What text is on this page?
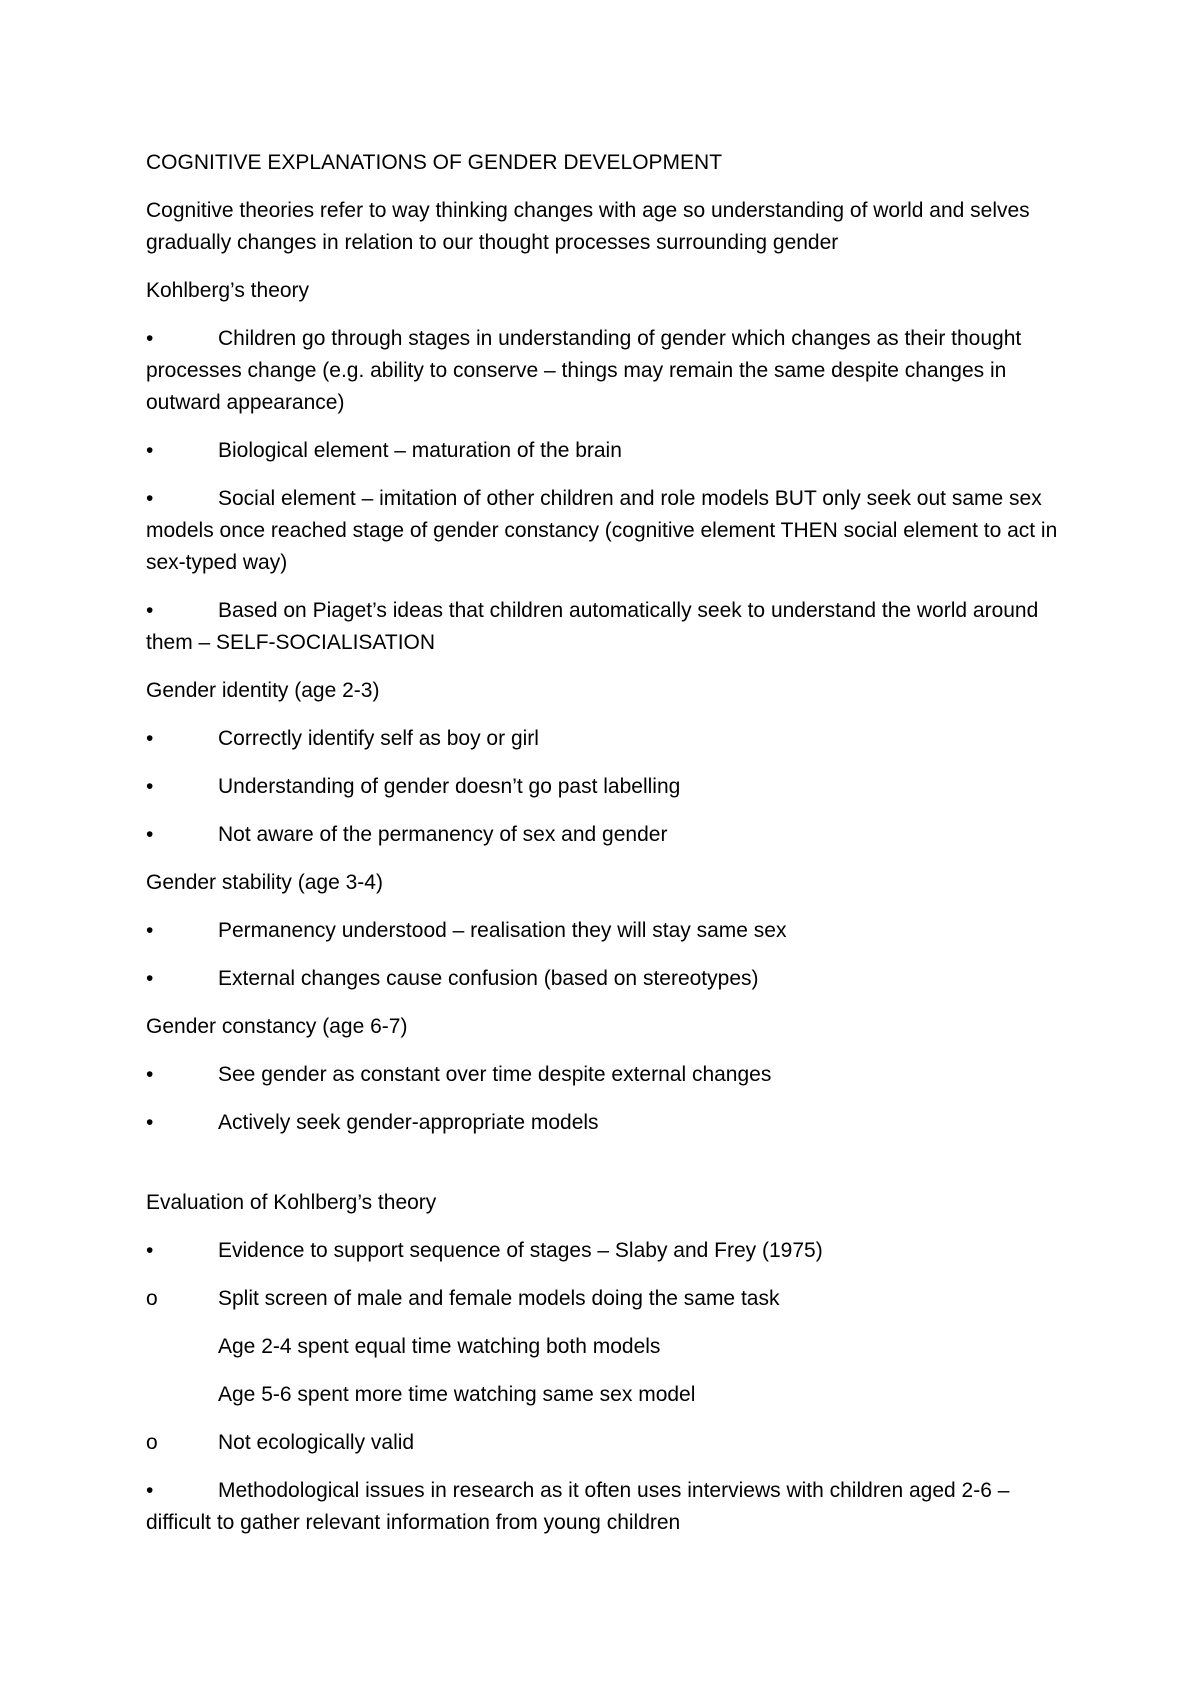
COGNITIVE EXPLANATIONS OF GENDER DEVELOPMENT

Cognitive theories refer to way thinking changes with age so understanding of world and selves gradually changes in relation to our thought processes surrounding gender

Kohlberg’s theory

•	Children go through stages in understanding of gender which changes as their thought processes change (e.g. ability to conserve – things may remain the same despite changes in outward appearance)
•	Biological element – maturation of the brain
•	Social element – imitation of other children and role models BUT only seek out same sex models once reached stage of gender constancy (cognitive element THEN social element to act in sex-typed way)
•	Based on Piaget’s ideas that children automatically seek to understand the world around them – SELF-SOCIALISATION

Gender identity (age 2-3)

•	Correctly identify self as boy or girl
•	Understanding of gender doesn’t go past labelling
•	Not aware of the permanency of sex and gender

Gender stability (age 3-4)

•	Permanency understood – realisation they will stay same sex
•	External changes cause confusion (based on stereotypes)

Gender constancy (age 6-7)

•	See gender as constant over time despite external changes
•	Actively seek gender-appropriate models

Evaluation of Kohlberg’s theory

•	Evidence to support sequence of stages – Slaby and Frey (1975)
o	Split screen of male and female models doing the same task
Age 2-4 spent equal time watching both models
Age 5-6 spent more time watching same sex model
o	Not ecologically valid
•	Methodological issues in research as it often uses interviews with children aged 2-6 – difficult to gather relevant information from young children
